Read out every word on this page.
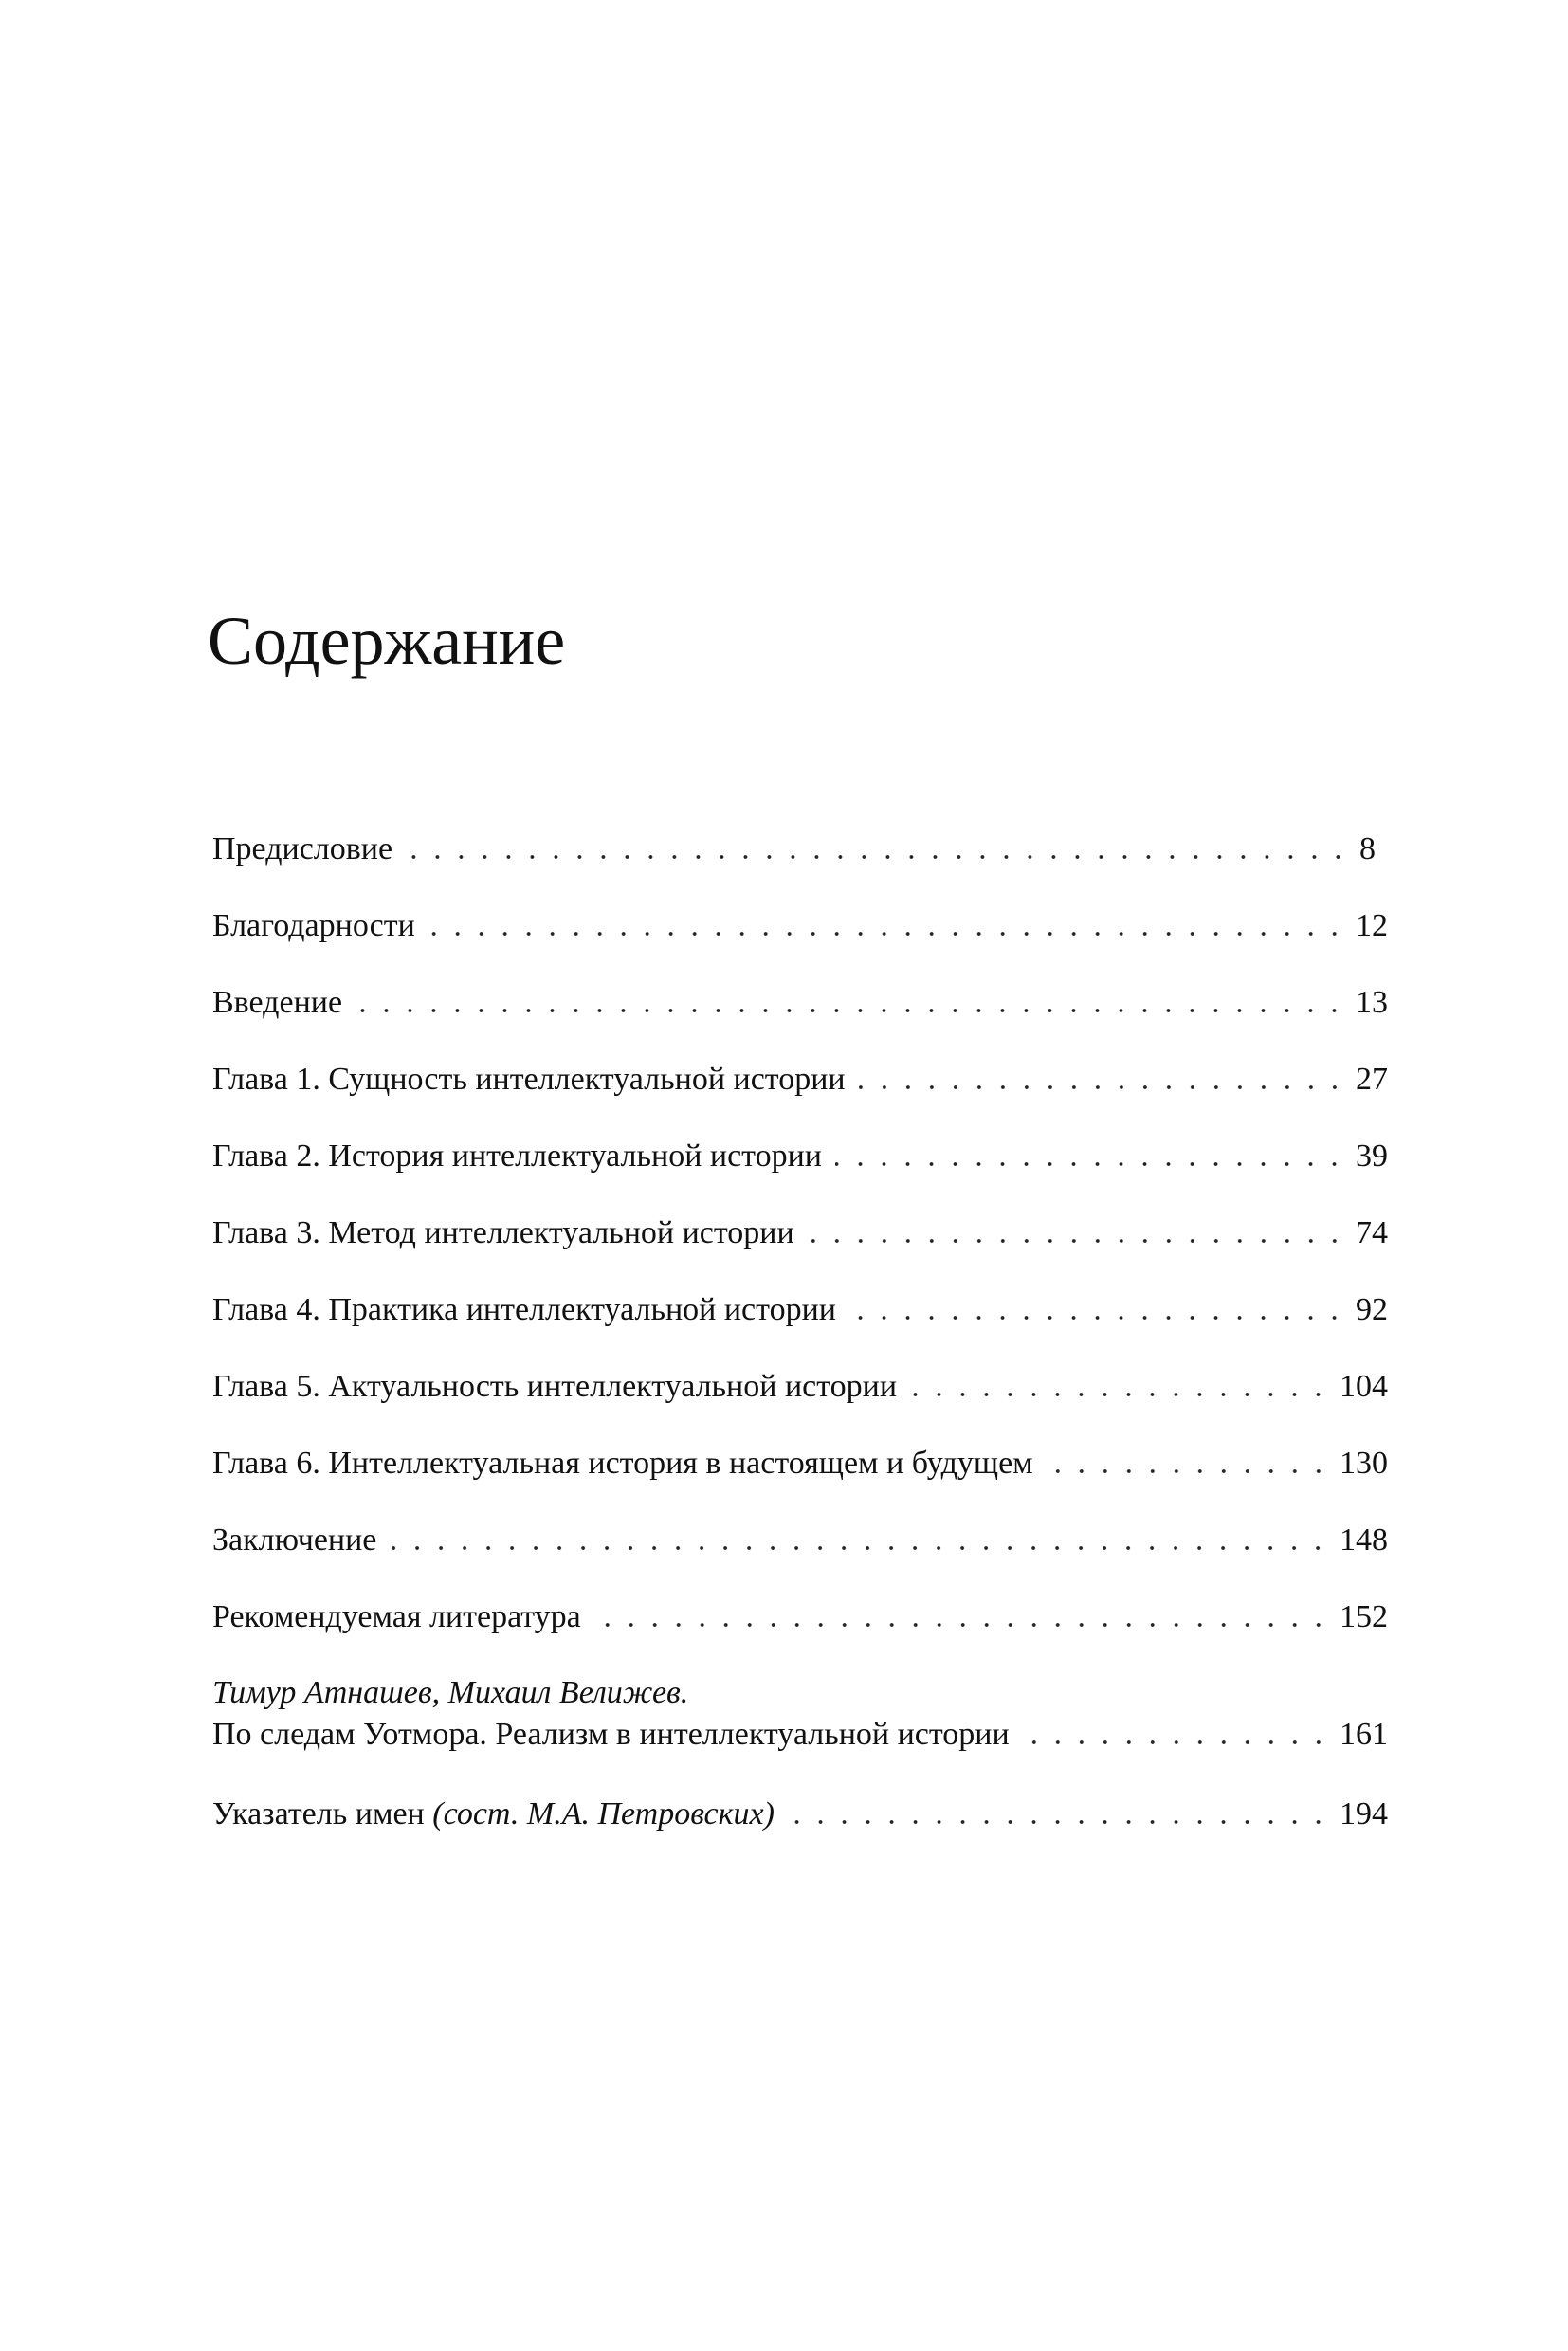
Содержание
Предисловие	8
Благодарности	12
Введение	13
Глава 1. Сущность интеллектуальной истории	27
Глава 2. История интеллектуальной истории	39
Глава 3. Метод интеллектуальной истории	74
Глава 4. Практика интеллектуальной истории	92
Глава 5. Актуальность интеллектуальной истории	104
Глава 6. Интеллектуальная история в настоящем и будущем	130
Заключение	148
Рекомендуемая литература	152
Тимур Атнашев, Михаил Велижев.
По следам Уотмора. Реализм в интеллектуальной истории	161
Указатель имен (сост. М.А. Петровских)	194
